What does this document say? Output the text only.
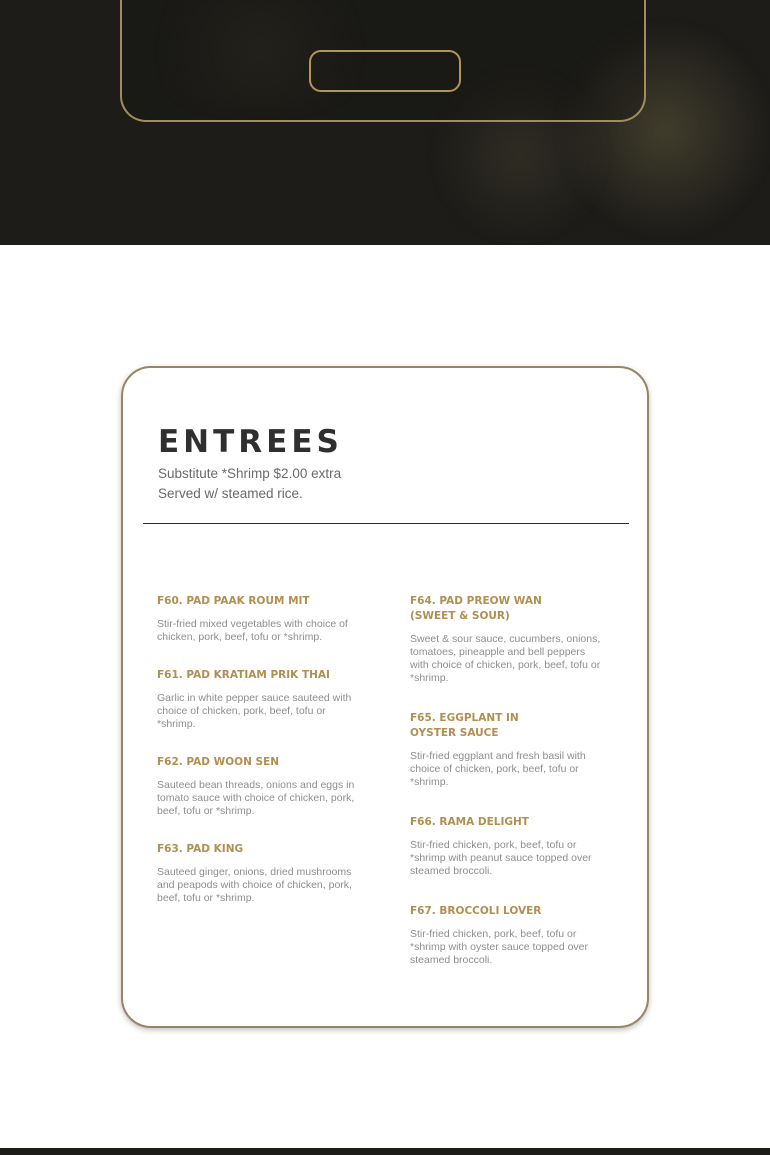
ENTREES
Substitute *Shrimp $2.00 extra
Served w/ steamed rice.

F60. PAD PAAK ROUM MIT

Stir-fried mixed vegetables with choice of chicken, pork, beef, tofu or *shrimp.

F61. PAD KRATIAM PRIK THAI

Garlic in white pepper sauce sauteed with choice of chicken, pork, beef, tofu or *shrimp.

F62. PAD WOON SEN

Sauteed bean threads, onions and eggs in tomato sauce with choice of chicken, pork, beef, tofu or *shrimp.

F63. PAD KING

Sauteed ginger, onions, dried mushrooms and peapods with choice of chicken, pork, beef, tofu or *shrimp.

F64. PAD PREOW WAN (SWEET & SOUR)

Sweet & sour sauce, cucumbers, onions, tomatoes, pineapple and bell peppers with choice of chicken, pork, beef, tofu or *shrimp.

F65. EGGPLANT IN OYSTER SAUCE

Stir-fried eggplant and fresh basil with choice of chicken, pork, beef, tofu or *shrimp.

F66. RAMA DELIGHT

Stir-fried chicken, pork, beef, tofu or *shrimp with peanut sauce topped over steamed broccoli.

F67. BROCCOLI LOVER

Stir-fried chicken, pork, beef, tofu or *shrimp with oyster sauce topped over steamed broccoli.
